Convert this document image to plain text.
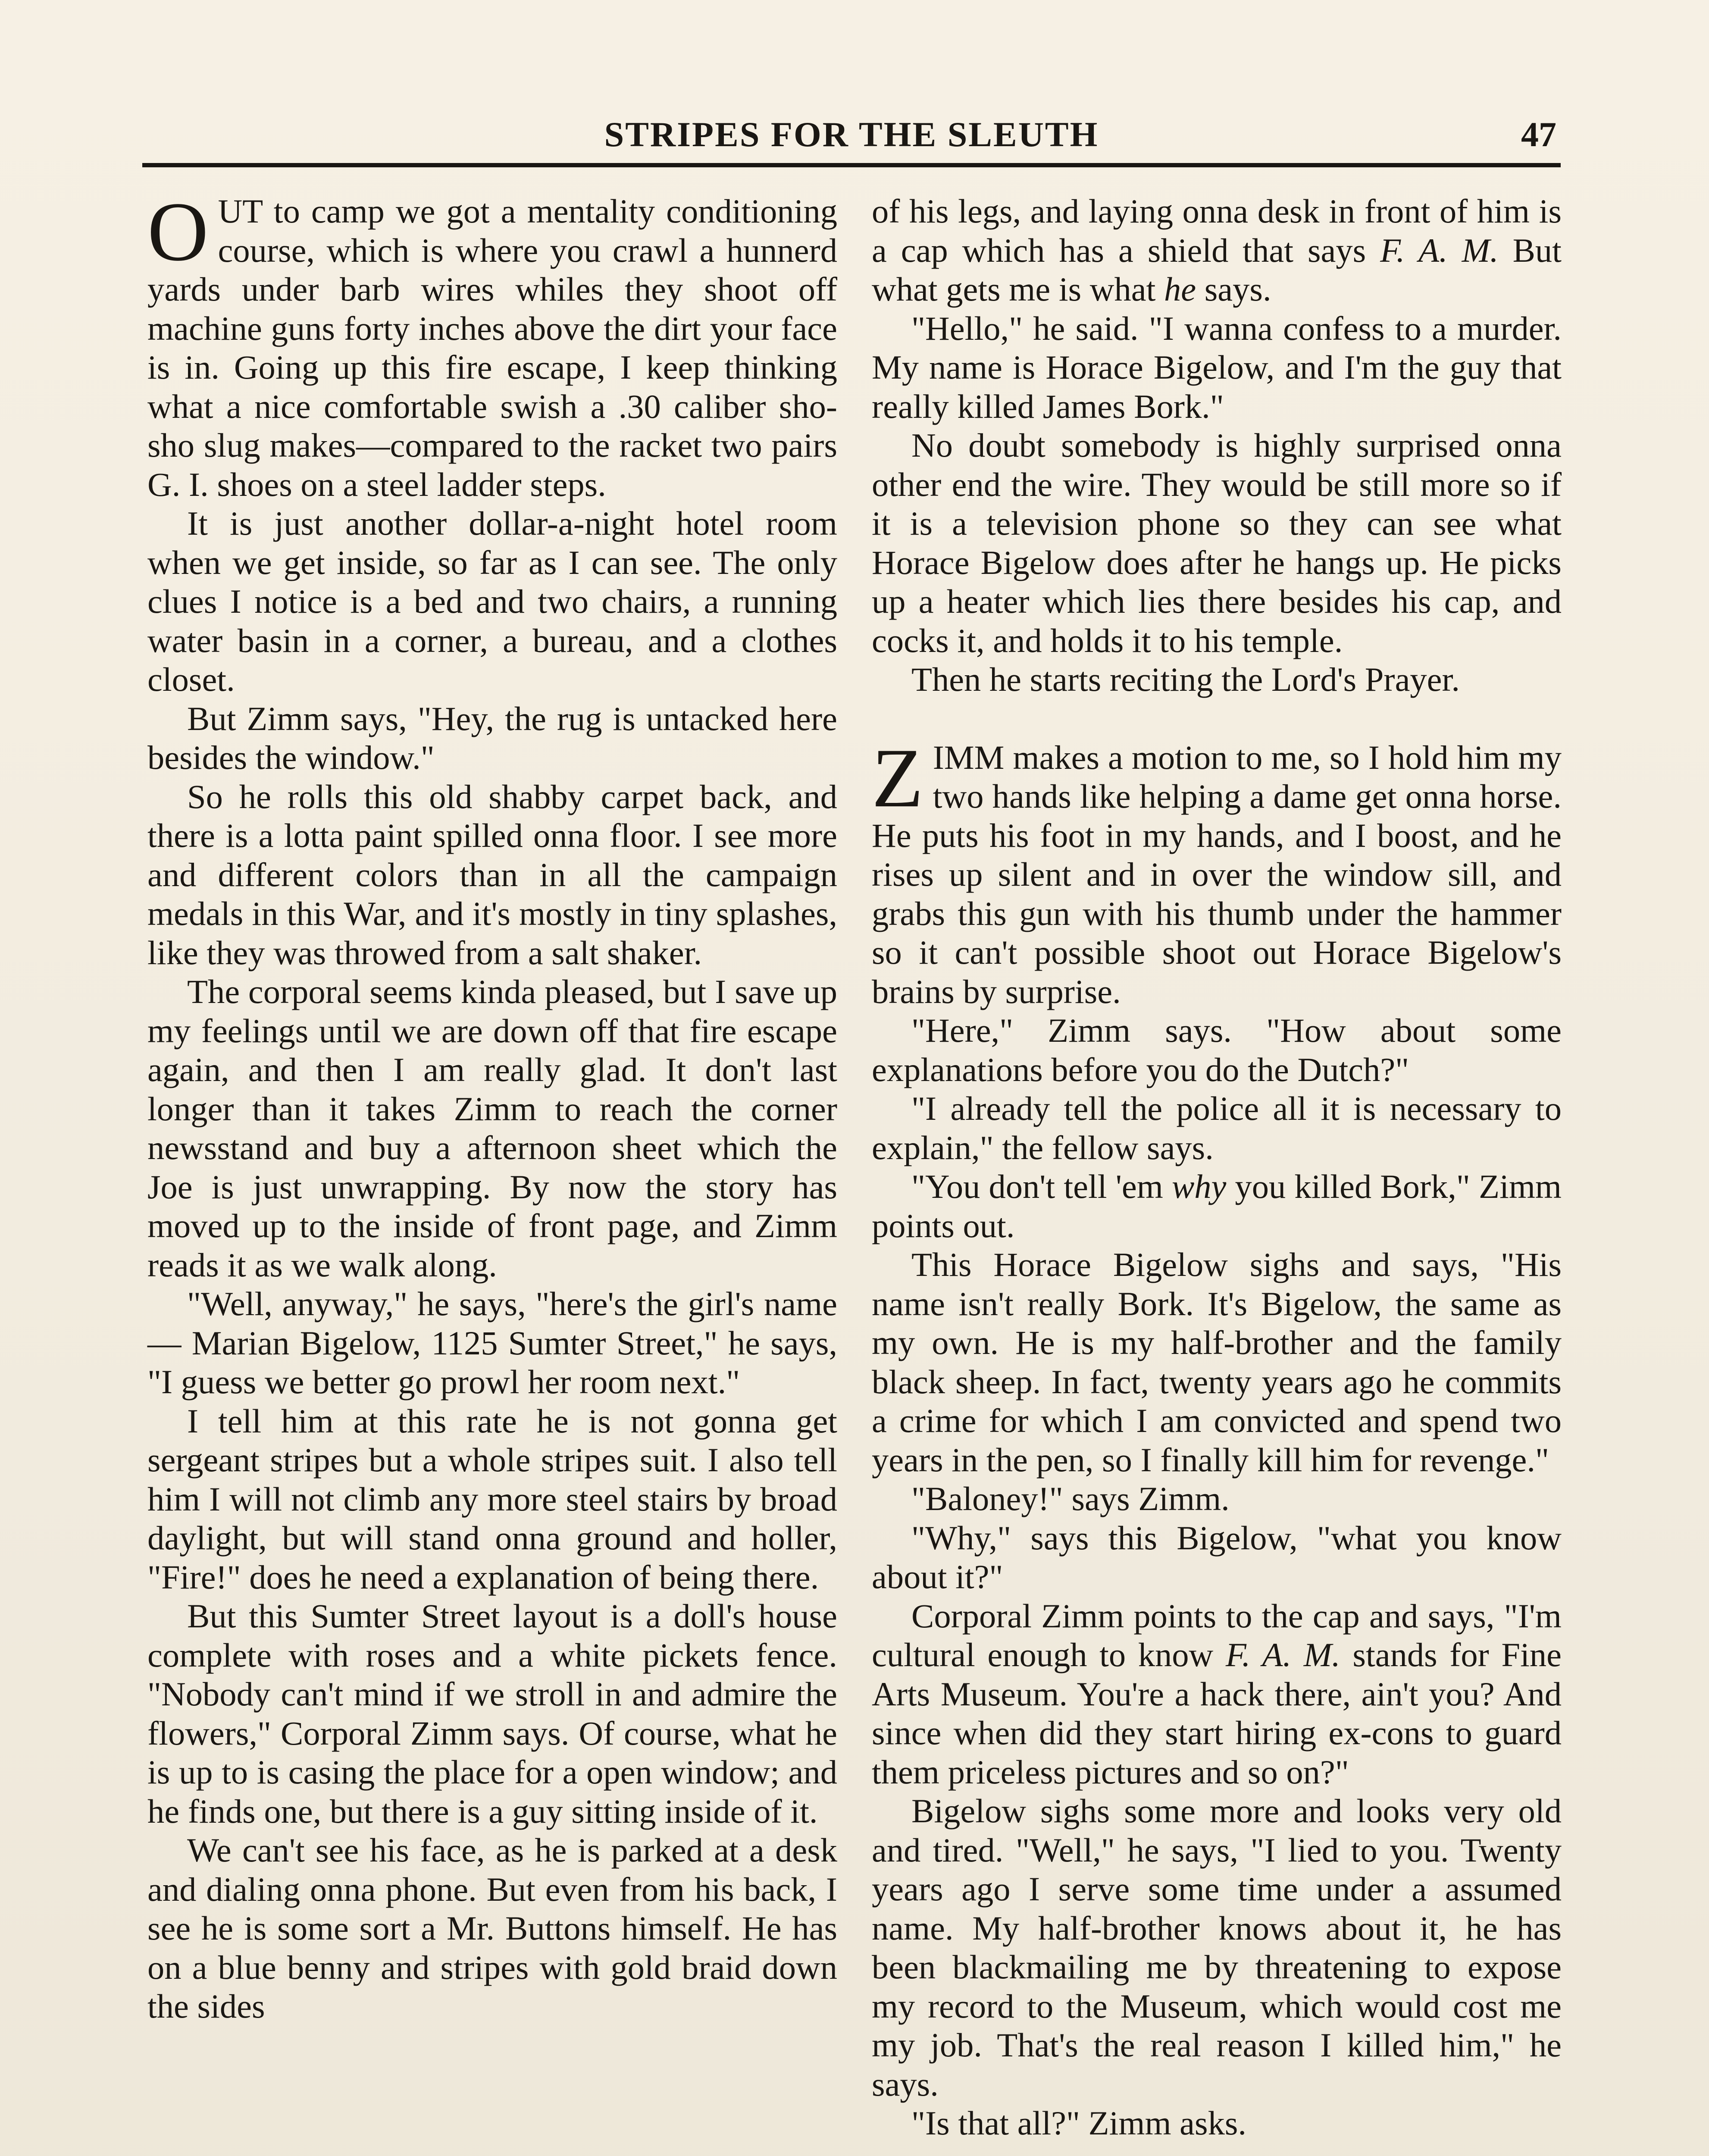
STRIPES FOR THE SLEUTH	47

OUT to camp we got a mentality conditioning course, which is where you crawl a hunnerd yards under barb wires whiles they shoot off machine guns forty inches above the dirt your face is in. Going up this fire escape, I keep thinking what a nice comfortable swish a .30 caliber sho-sho slug makes—compared to the racket two pairs G. I. shoes on a steel ladder steps.

It is just another dollar-a-night hotel room when we get inside, so far as I can see. The only clues I notice is a bed and two chairs, a running water basin in a corner, a bureau, and a clothes closet.

But Zimm says, "Hey, the rug is untacked here besides the window."

So he rolls this old shabby carpet back, and there is a lotta paint spilled onna floor. I see more and different colors than in all the campaign medals in this War, and it's mostly in tiny splashes, like they was throwed from a salt shaker.

The corporal seems kinda pleased, but I save up my feelings until we are down off that fire escape again, and then I am really glad. It don't last longer than it takes Zimm to reach the corner newsstand and buy a afternoon sheet which the Joe is just unwrapping. By now the story has moved up to the inside of front page, and Zimm reads it as we walk along.

"Well, anyway," he says, "here's the girl's name — Marian Bigelow, 1125 Sumter Street," he says, "I guess we better go prowl her room next."

I tell him at this rate he is not gonna get sergeant stripes but a whole stripes suit. I also tell him I will not climb any more steel stairs by broad daylight, but will stand onna ground and holler, "Fire!" does he need a explanation of being there.

But this Sumter Street layout is a doll's house complete with roses and a white pickets fence. "Nobody can't mind if we stroll in and admire the flowers," Corporal Zimm says. Of course, what he is up to is casing the place for a open window; and he finds one, but there is a guy sitting inside of it.

We can't see his face, as he is parked at a desk and dialing onna phone. But even from his back, I see he is some sort a Mr. Buttons himself. He has on a blue benny and stripes with gold braid down the sides

of his legs, and laying onna desk in front of him is a cap which has a shield that says F. A. M. But what gets me is what he says.

"Hello," he said. "I wanna confess to a murder. My name is Horace Bigelow, and I'm the guy that really killed James Bork."

No doubt somebody is highly surprised onna other end the wire. They would be still more so if it is a television phone so they can see what Horace Bigelow does after he hangs up. He picks up a heater which lies there besides his cap, and cocks it, and holds it to his temple.

Then he starts reciting the Lord's Prayer.

ZIMM makes a motion to me, so I hold him my two hands like helping a dame get onna horse. He puts his foot in my hands, and I boost, and he rises up silent and in over the window sill, and grabs this gun with his thumb under the hammer so it can't possible shoot out Horace Bigelow's brains by surprise.

"Here," Zimm says. "How about some explanations before you do the Dutch?"

"I already tell the police all it is necessary to explain," the fellow says.

"You don't tell 'em why you killed Bork," Zimm points out.

This Horace Bigelow sighs and says, "His name isn't really Bork. It's Bigelow, the same as my own. He is my half-brother and the family black sheep. In fact, twenty years ago he commits a crime for which I am convicted and spend two years in the pen, so I finally kill him for revenge."

"Baloney!" says Zimm.

"Why," says this Bigelow, "what you know about it?"

Corporal Zimm points to the cap and says, "I'm cultural enough to know F. A. M. stands for Fine Arts Museum. You're a hack there, ain't you? And since when did they start hiring ex-cons to guard them priceless pictures and so on?"

Bigelow sighs some more and looks very old and tired. "Well," he says, "I lied to you. Twenty years ago I serve some time under a assumed name. My half-brother knows about it, he has been blackmailing me by threatening to expose my record to the Museum, which would cost me my job. That's the real reason I killed him," he says.

"Is that all?" Zimm asks.
